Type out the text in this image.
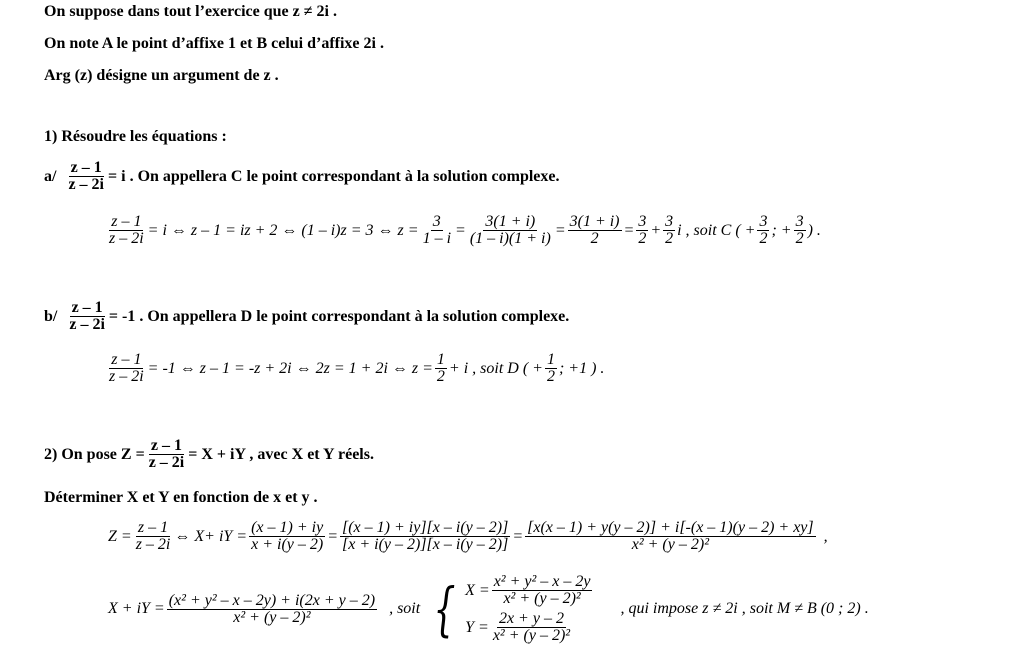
On suppose dans tout l’exercice que z ≠ 2i .
On note A le point d’affixe 1 et B celui d’affixe 2i .
Arg (z) désigne un argument de z .
1) Résoudre les équations :
$a/ \frac{z - 1}{z - 2i} = i$ . On appellera C le point correspondant à la solution complexe.
$\frac{z - 1}{z - 2i} = i$ ⇔ z – 1 = iz + 2 ⇔ (1 – i)z = 3 ⇔ $z = \frac{3}{1 - i} = \frac{3(1 + i)}{(1 - i)(1 + i)} = \frac{3(1 + i)}{2} = \frac{3}{2} + \frac{3}{2}$ i , soit C ( + $\frac{3}{2}$ ; + $\frac{3}{2}$ ) .
$b/ \frac{z - 1}{z - 2i} = -1$ . On appellera D le point correspondant à la solution complexe.
$\frac{z - 1}{z - 2i} = -1$ ⇔ z – 1 = -z + 2i ⇔ 2z = 1 + 2i ⇔ $z = \frac{1}{2} + i$ , soit D ( + $\frac{1}{2}$ ; +1 ) .
2) On pose $Z = \frac{z - 1}{z - 2i} = X$ + iY , avec X et Y réels.
Déterminer X et Y en fonction de x et y .
$Z = \frac{z - 1}{z - 2i}$ ⇔ X+ iY = $\frac{(x - 1) + iy}{x + i(y - 2)} = \frac{[(x - 1) + iy][x - i(y - 2)]}{[x + i(y - 2)][x - i(y - 2)]} = \frac{[x(x - 1) + y(y - 2)] + i[-(x - 1)(y - 2) + xy]}{\text{x² + (y – 2)²}}$ ,
X + iY = $\frac{\text{(x² + y² – x – 2y) + i(2x + y – 2)}}{\text{x² + (y – 2)²}}$ , soit { $X = \frac{\text{x² + y² – x – 2y}}{\text{x² + (y – 2)²}}$
$Y = \frac{2x + y - 2}{\text{x² + (y – 2)²}}$
, qui impose z ≠ 2i , soit M ≠ B (0 ; 2) .
